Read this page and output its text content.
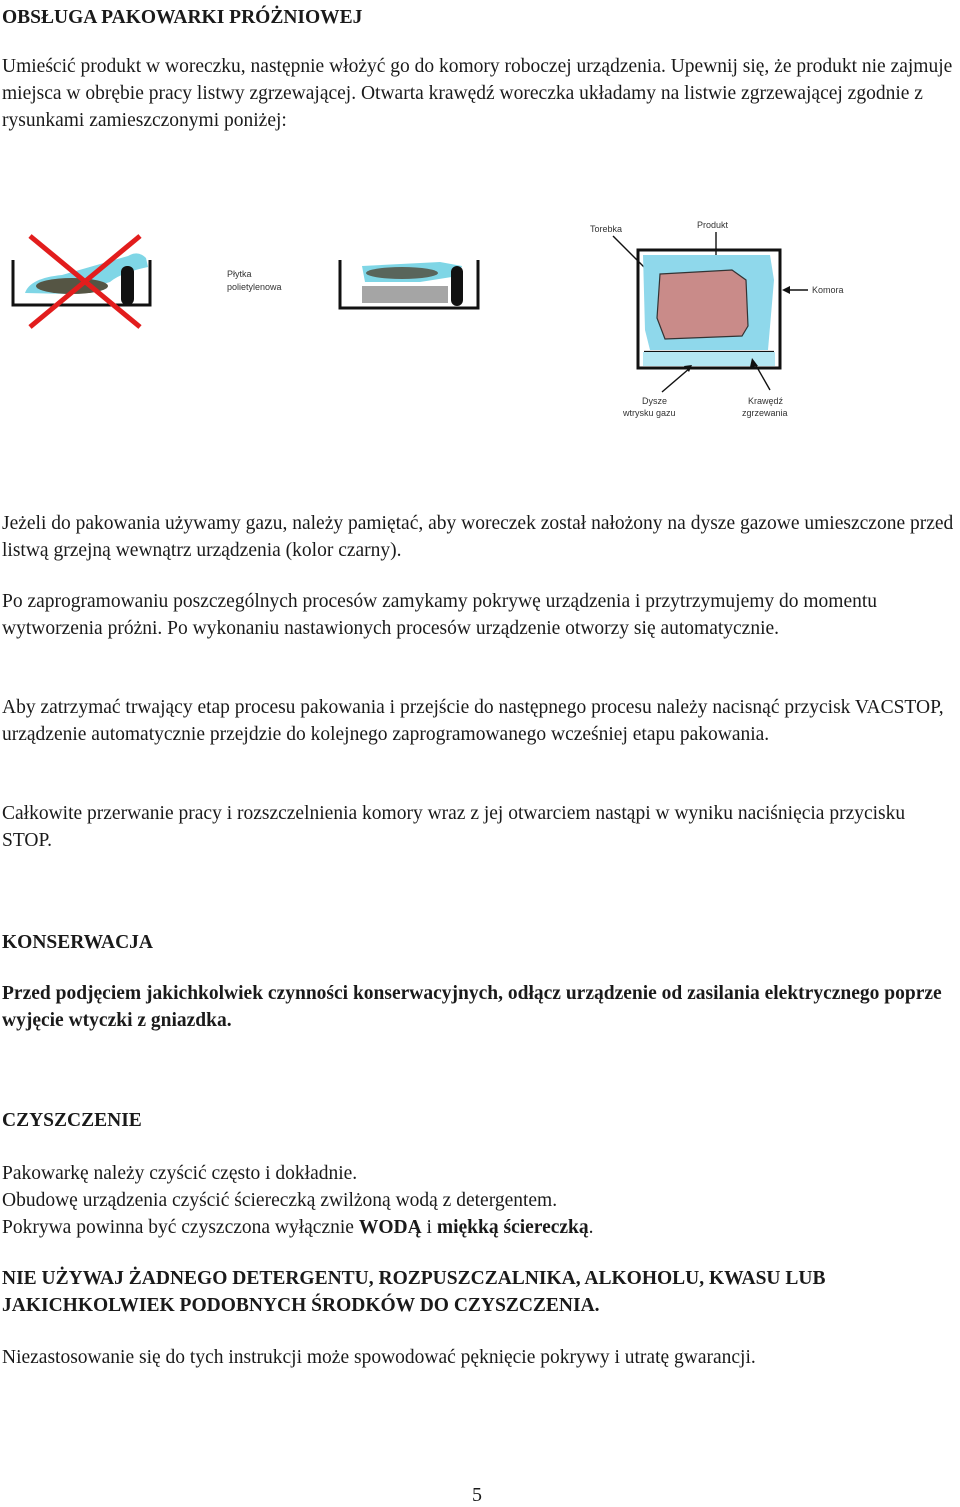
OBSŁUGA PAKOWARKI PRÓŻNIOWEJ
Umieścić produkt w woreczku, następnie włożyć go do komory roboczej urządzenia. Upewnij się, że produkt nie zajmuje miejsca w obrębie pracy listwy zgrzewającej. Otwarta krawędź woreczka układamy na listwie zgrzewającej zgodnie z rysunkami zamieszczonymi poniżej:
Płytka
polietylenowa
Torebka	Produkt
Komora
Dysze
wtrysku gazu
Krawędź
zgrzewania
Jeżeli do pakowania używamy gazu, należy pamiętać, aby woreczek został nałożony na dysze gazowe umieszczone przed listwą grzejną wewnątrz urządzenia (kolor czarny).
Po zaprogramowaniu poszczególnych procesów zamykamy pokrywę urządzenia i przytrzymujemy do momentu wytworzenia próżni. Po wykonaniu nastawionych procesów urządzenie otworzy się automatycznie.
Aby zatrzymać trwający etap procesu pakowania i przejście do następnego procesu należy nacisnąć przycisk VACSTOP, urządzenie automatycznie przejdzie do kolejnego zaprogramowanego wcześniej etapu pakowania.
Całkowite przerwanie pracy i rozszczelnienia komory wraz z jej otwarciem nastąpi w wyniku naciśnięcia przycisku STOP.
KONSERWACJA
Przed podjęciem jakichkolwiek czynności konserwacyjnych, odłącz urządzenie od zasilania elektrycznego poprze wyjęcie wtyczki z gniazdka.
CZYSZCZENIE
Pakowarkę należy czyścić często i dokładnie.
Obudowę urządzenia czyścić ściereczką zwilżoną wodą z detergentem.
Pokrywa powinna być czyszczona wyłącznie WODĄ i miękką ściereczką.
NIE UŻYWAJ ŻADNEGO DETERGENTU, ROZPUSZCZALNIKA, ALKOHOLU, KWASU LUB JAKICHKOLWIEK PODOBNYCH ŚRODKÓW DO CZYSZCZENIA.
Niezastosowanie się do tych instrukcji może spowodować pęknięcie pokrywy i utratę gwarancji.
5
